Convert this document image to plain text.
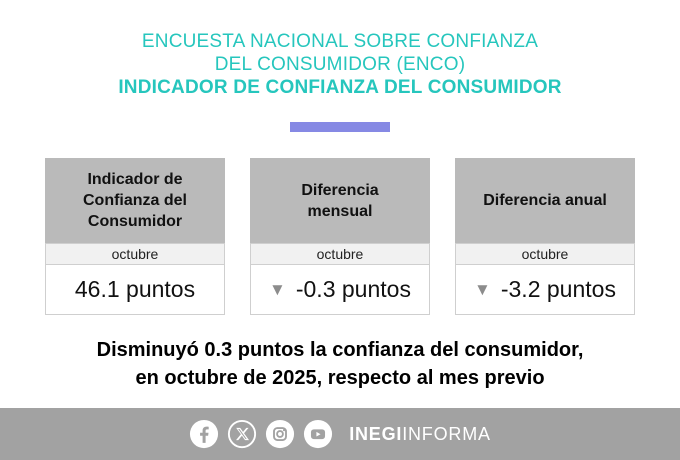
ENCUESTA NACIONAL SOBRE CONFIANZA
DEL CONSUMIDOR (ENCO)
INDICADOR DE CONFIANZA DEL CONSUMIDOR
Indicador de Confianza del Consumidor
octubre
46.1 puntos
Diferencia mensual
octubre
▼ -0.3 puntos
Diferencia anual
octubre
▼ -3.2 puntos
Disminuyó 0.3 puntos la confianza del consumidor,
en octubre de 2025, respecto al mes previo
INEGIINFORMA
